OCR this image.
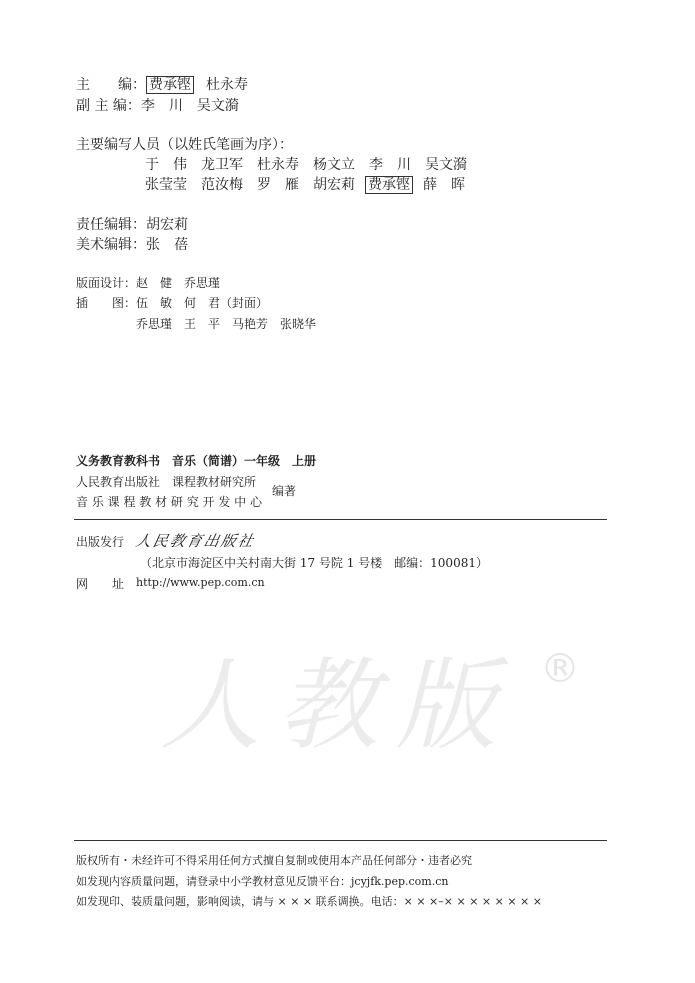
主　　编： 费承铿 杜永寿
副 主 编：李　川　吴文漪
主要编写人员（以姓氏笔画为序）：
于　伟　龙卫军　杜永寿　杨文立　李　川　吴文漪
张莹莹　范汝梅　罗　雁　胡宏莉 费承铿 薛　晖
责任编辑：胡宏莉
美术编辑：张　蓓
版面设计：赵　健　乔思瑾
插　　图：伍　敏　何　君（封面）
乔思瑾　王　平　马艳芳　张晓华
义务教育教科书　音乐（简谱）一年级　上册
人民教育出版社　课程教材研究所
音 乐 课 程 教 材 研 究 开 发 中 心
编著
出版发行 人民教育出版社
（北京市海淀区中关村南大街 17 号院 1 号楼　邮编：100081）
网　　址 http://www.pep.com.cn
人教版 ®
版权所有・未经许可不得采用任何方式擅自复制或使用本产品任何部分・违者必究
如发现内容质量问题，请登录中小学教材意见反馈平台：jcyjfk.pep.com.cn
如发现印、装质量问题，影响阅读，请与 × × × 联系调换。电话：× × ×–× × × × × × × ×
